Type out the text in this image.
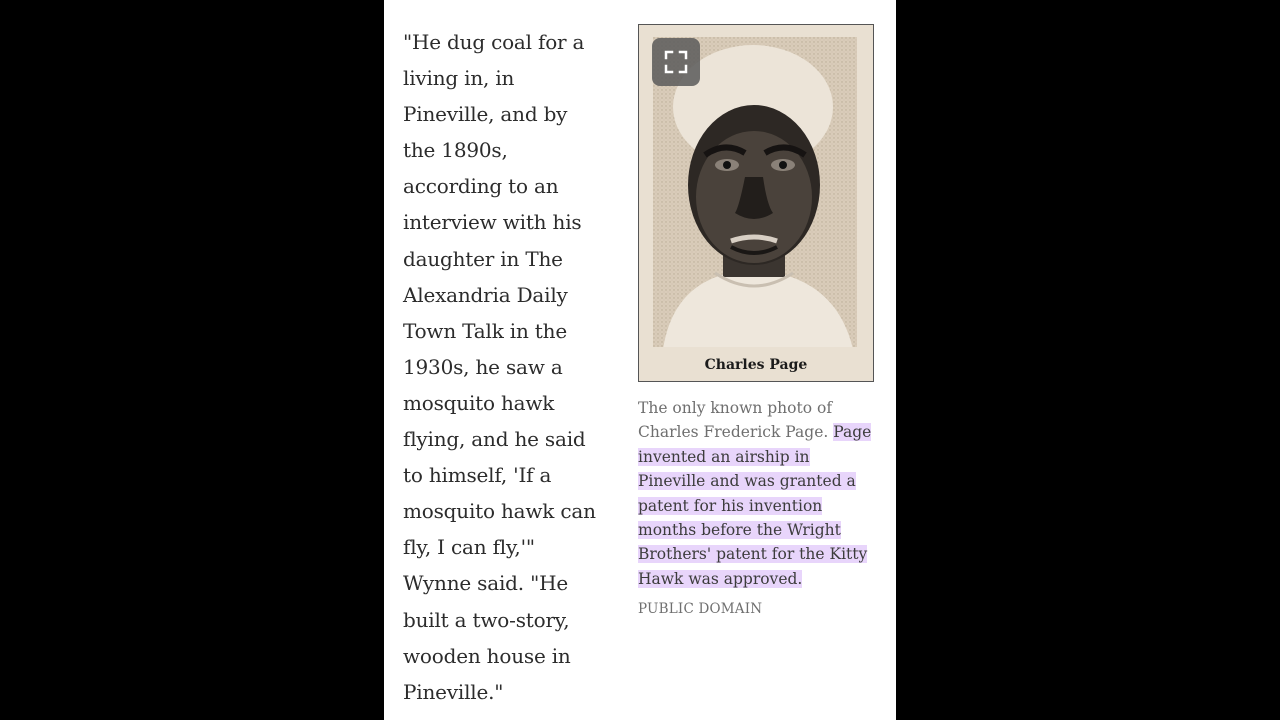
"He dug coal for a
living in, in
Pineville, and by
the 1890s,
according to an
interview with his
daughter in The
Alexandria Daily
Town Talk in the
1930s, he saw a
mosquito hawk
flying, and he said
to himself, 'If a
mosquito hawk can
fly, I can fly,'"
Wynne said. "He
built a two-story,
wooden house in
Pineville."
Charles Page
The only known photo of Charles Frederick Page. Page invented an airship in Pineville and was granted a patent for his invention months before the Wright Brothers' patent for the Kitty Hawk was approved.
PUBLIC DOMAIN
